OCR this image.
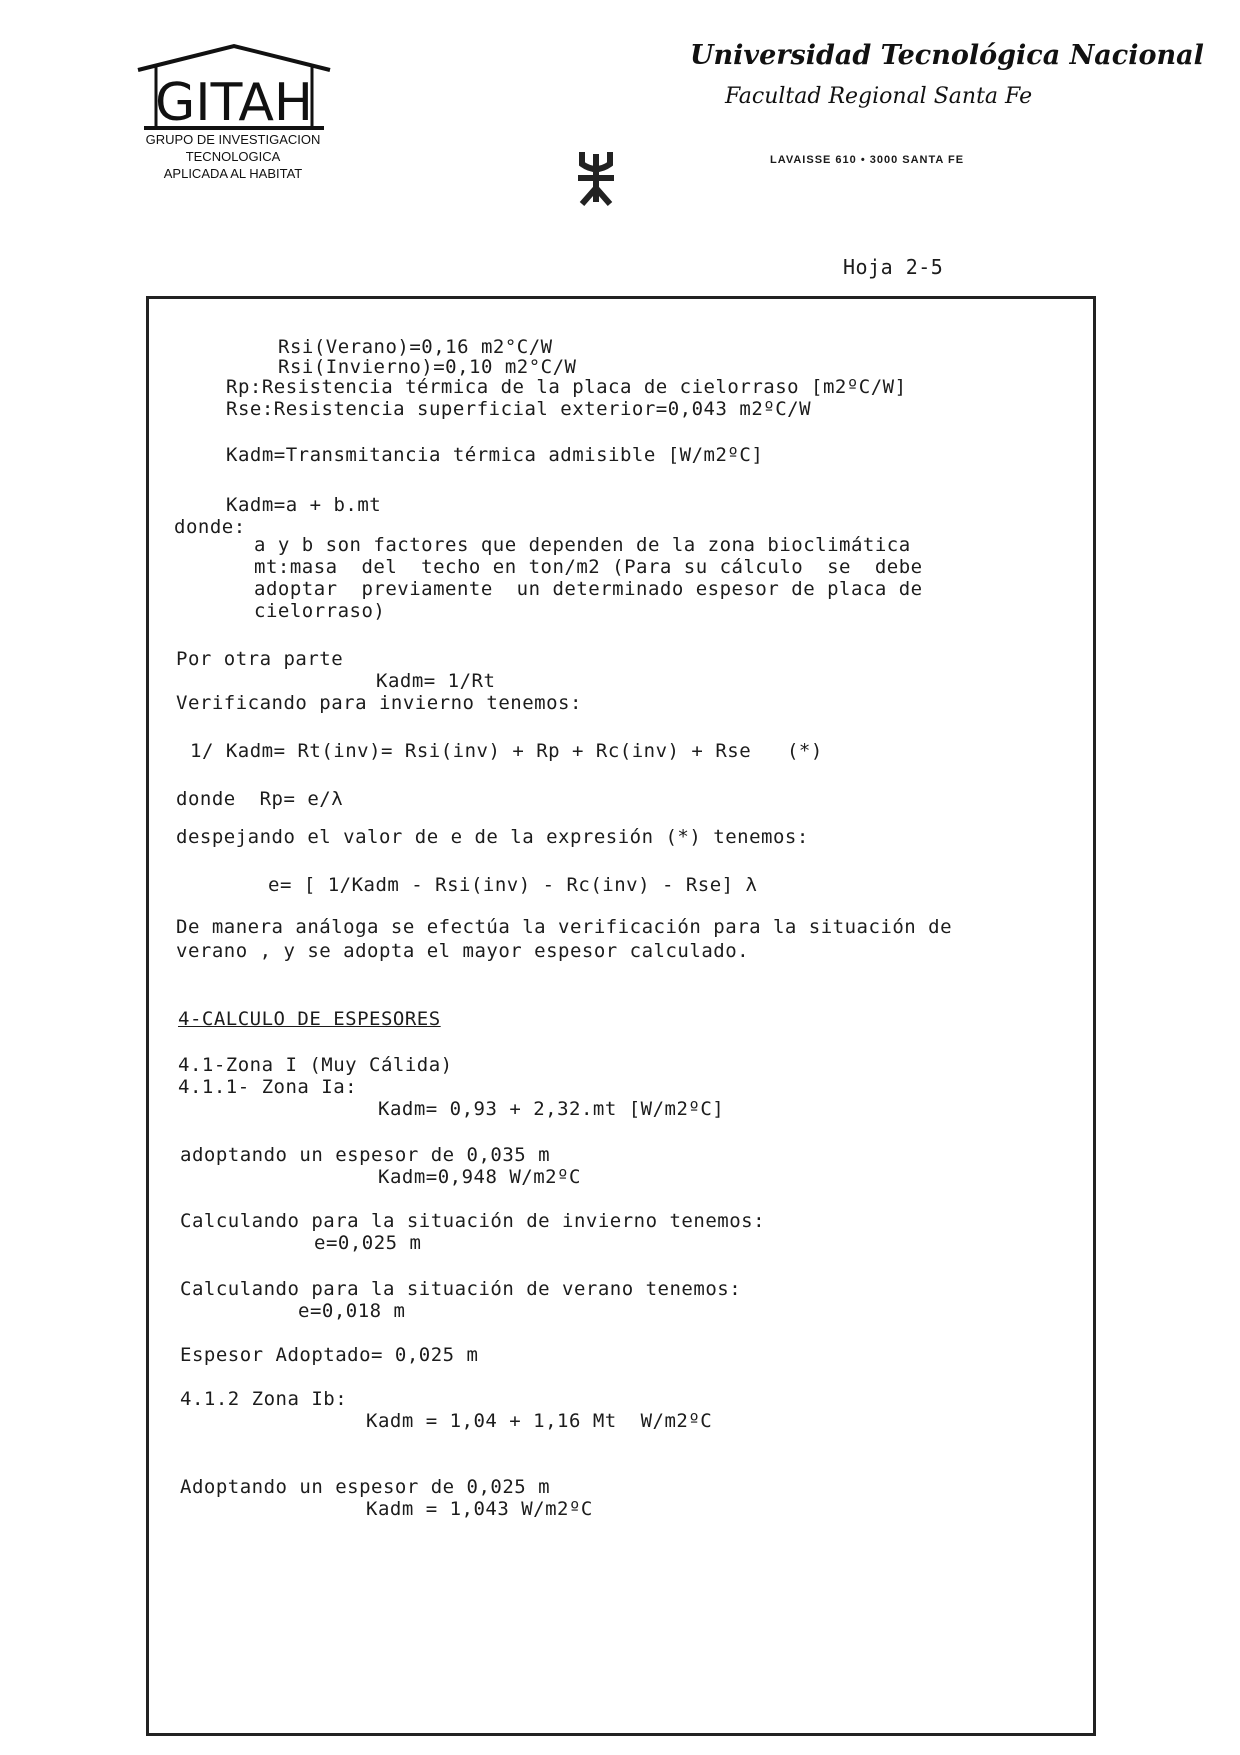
GITAH
GRUPO DE INVESTIGACION
TECNOLOGICA
APLICADA AL HABITAT
Universidad Tecnológica Nacional
Facultad Regional Santa Fe
LAVAISSE 610 • 3000 SANTA FE
Hoja 2-5
Rsi(Verano)=0,16 m2°C/W
Rsi(Invierno)=0,10 m2°C/W
Rp:Resistencia térmica de la placa de cielorraso [m2ºC/W]
Rse:Resistencia superficial exterior=0,043 m2ºC/W
Kadm=Transmitancia térmica admisible [W/m2ºC]
Kadm=a + b.mt
donde:
a y b son factores que dependen de la zona bioclimática
mt:masa  del  techo en ton/m2 (Para su cálculo  se  debe
adoptar  previamente  un determinado espesor de placa de
cielorraso)
Por otra parte
Kadm= 1/Rt
Verificando para invierno tenemos:
1/ Kadm= Rt(inv)= Rsi(inv) + Rp + Rc(inv) + Rse   (*)
donde  Rp= e/λ
despejando el valor de e de la expresión (*) tenemos:
e= [ 1/Kadm - Rsi(inv) - Rc(inv) - Rse] λ
De manera análoga se efectúa la verificación para la situación de
verano , y se adopta el mayor espesor calculado.
4-CALCULO DE ESPESORES
4.1-Zona I (Muy Cálida)
4.1.1- Zona Ia:
Kadm= 0,93 + 2,32.mt [W/m2ºC]
adoptando un espesor de 0,035 m
Kadm=0,948 W/m2ºC
Calculando para la situación de invierno tenemos:
e=0,025 m
Calculando para la situación de verano tenemos:
e=0,018 m
Espesor Adoptado= 0,025 m
4.1.2 Zona Ib:
Kadm = 1,04 + 1,16 Mt  W/m2ºC
Adoptando un espesor de 0,025 m
Kadm = 1,043 W/m2ºC
